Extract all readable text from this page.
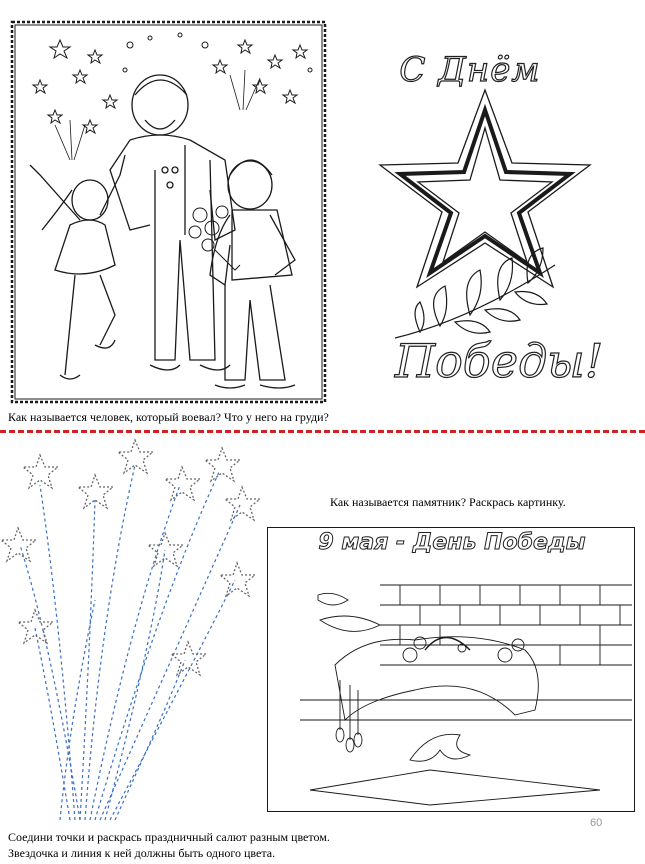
С Днём
Победы!
Как называется человек, который воевал? Что у него на груди?
Как называется памятник? Раскрась картинку.
9 мая - День Победы
60
Соедини точки и раскрась праздничный салют разным цветом.
Звездочка и линия к ней должны быть одного цвета.
